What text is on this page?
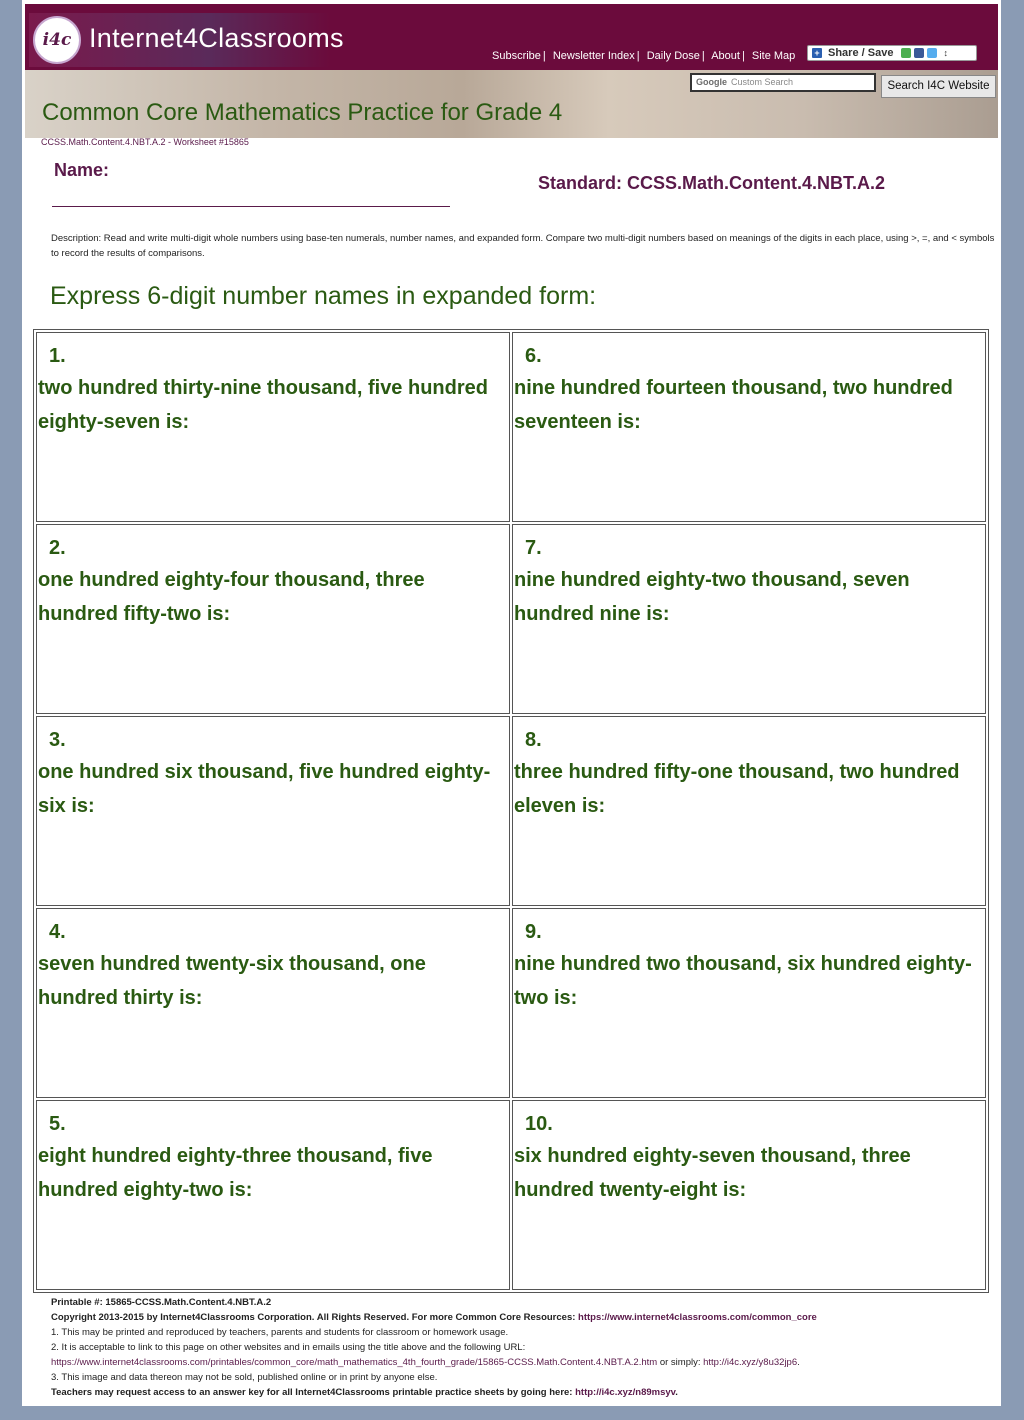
i4c Internet4Classrooms
Subscribe | Newsletter Index | Daily Dose | About | Site Map + Share / Save	↕
Google Custom Search	Search I4C Website
Common Core Mathematics Practice for Grade 4
CCSS.Math.Content.4.NBT.A.2 - Worksheet #15865
Name:
Standard: CCSS.Math.Content.4.NBT.A.2
Description: Read and write multi-digit whole numbers using base-ten numerals, number names, and expanded form. Compare two multi-digit numbers based on meanings of the digits in each place, using >, =, and < symbols to record the results of comparisons.
Express 6-digit number names in expanded form:
1.
two hundred thirty-nine thousand, five hundred eighty-seven is:
6.
nine hundred fourteen thousand, two hundred seventeen is:
2.
one hundred eighty-four thousand, three hundred fifty-two is:
7.
nine hundred eighty-two thousand, seven hundred nine is:
3.
one hundred six thousand, five hundred eighty-six is:
8.
three hundred fifty-one thousand, two hundred eleven is:
4.
seven hundred twenty-six thousand, one hundred thirty is:
9.
nine hundred two thousand, six hundred eighty-two is:
5.
eight hundred eighty-three thousand, five hundred eighty-two is:
10.
six hundred eighty-seven thousand, three hundred twenty-eight is:
Printable #: 15865-CCSS.Math.Content.4.NBT.A.2
Copyright 2013-2015 by Internet4Classrooms Corporation. All Rights Reserved. For more Common Core Resources: https://www.internet4classrooms.com/common_core
1. This may be printed and reproduced by teachers, parents and students for classroom or homework usage.
2. It is acceptable to link to this page on other websites and in emails using the title above and the following URL:
https://www.internet4classrooms.com/printables/common_core/math_mathematics_4th_fourth_grade/15865-CCSS.Math.Content.4.NBT.A.2.htm or simply: http://i4c.xyz/y8u32jp6.
3. This image and data thereon may not be sold, published online or in print by anyone else.
Teachers may request access to an answer key for all Internet4Classrooms printable practice sheets by going here: http://i4c.xyz/n89msyv.
